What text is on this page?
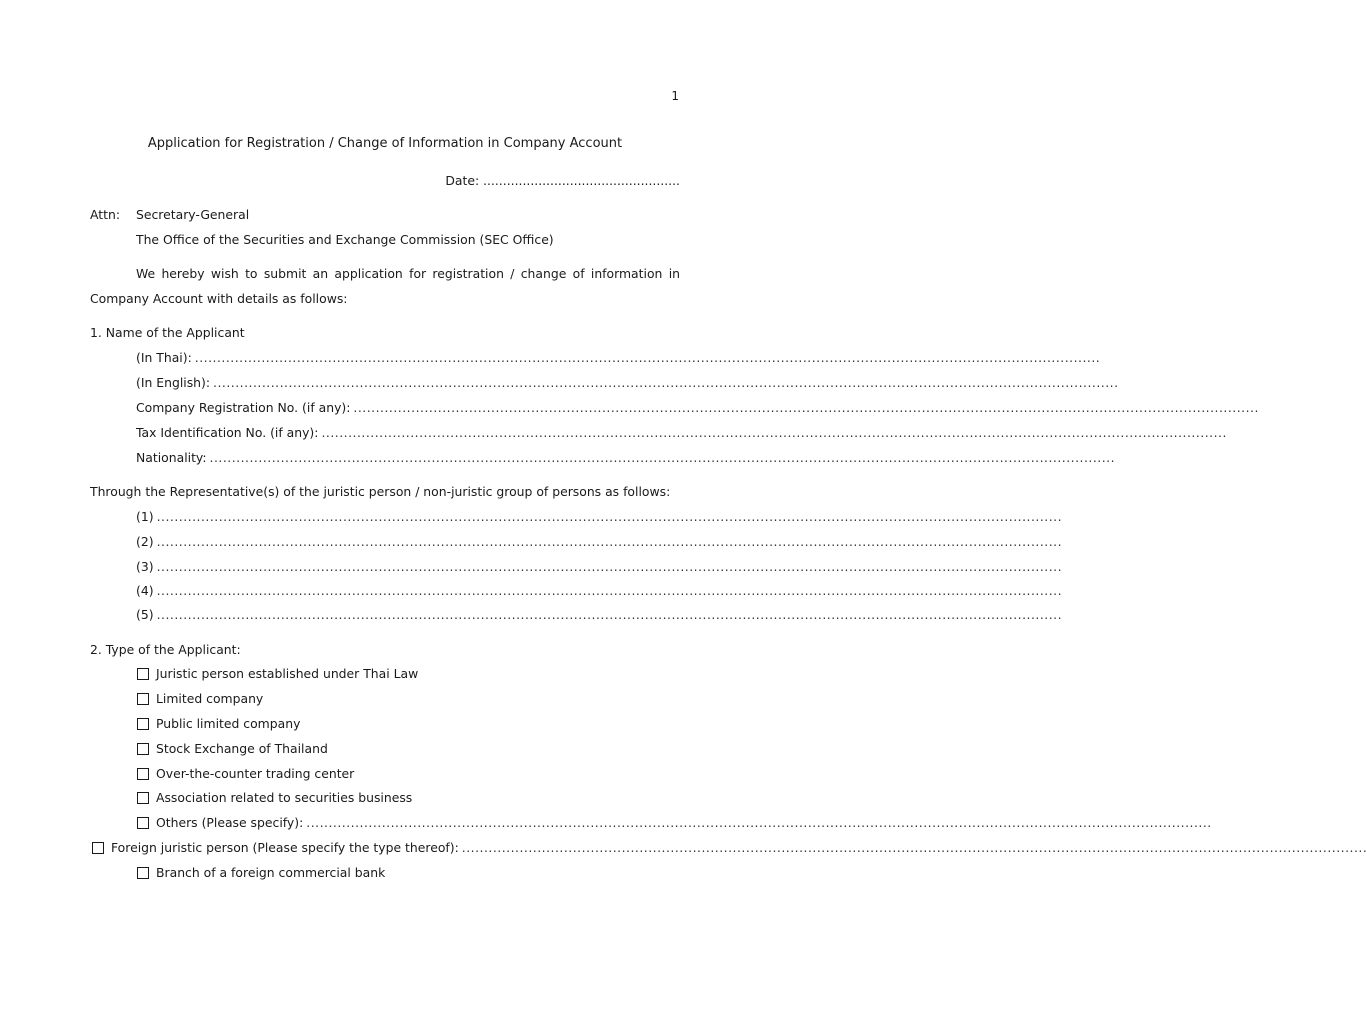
1
Application for Registration / Change of Information in Company Account
Date: ..................................................
Attn: Secretary-General
The Office of the Securities and Exchange Commission (SEC Office)
We hereby wish to submit an application for registration / change of information in
Company Account with details as follows:
1. Name of the Applicant
(In Thai): ............................................................................................................................................................................................................
(In English): ............................................................................................................................................................................................................
Company Registration No. (if any): ............................................................................................................................................................................................................
Tax Identification No. (if any): ............................................................................................................................................................................................................
Nationality: ............................................................................................................................................................................................................
Through the Representative(s) of the juristic person / non-juristic group of persons as follows:
(1) ............................................................................................................................................................................................................
(2) ............................................................................................................................................................................................................
(3) ............................................................................................................................................................................................................
(4) ............................................................................................................................................................................................................
(5) ............................................................................................................................................................................................................
2. Type of the Applicant:
Juristic person established under Thai Law
Limited company
Public limited company
Stock Exchange of Thailand
Over-the-counter trading center
Association related to securities business
Others (Please specify): ............................................................................................................................................................................................................
Foreign juristic person (Please specify the type thereof): ............................................................................................................................................................................................................
Branch of a foreign commercial bank
